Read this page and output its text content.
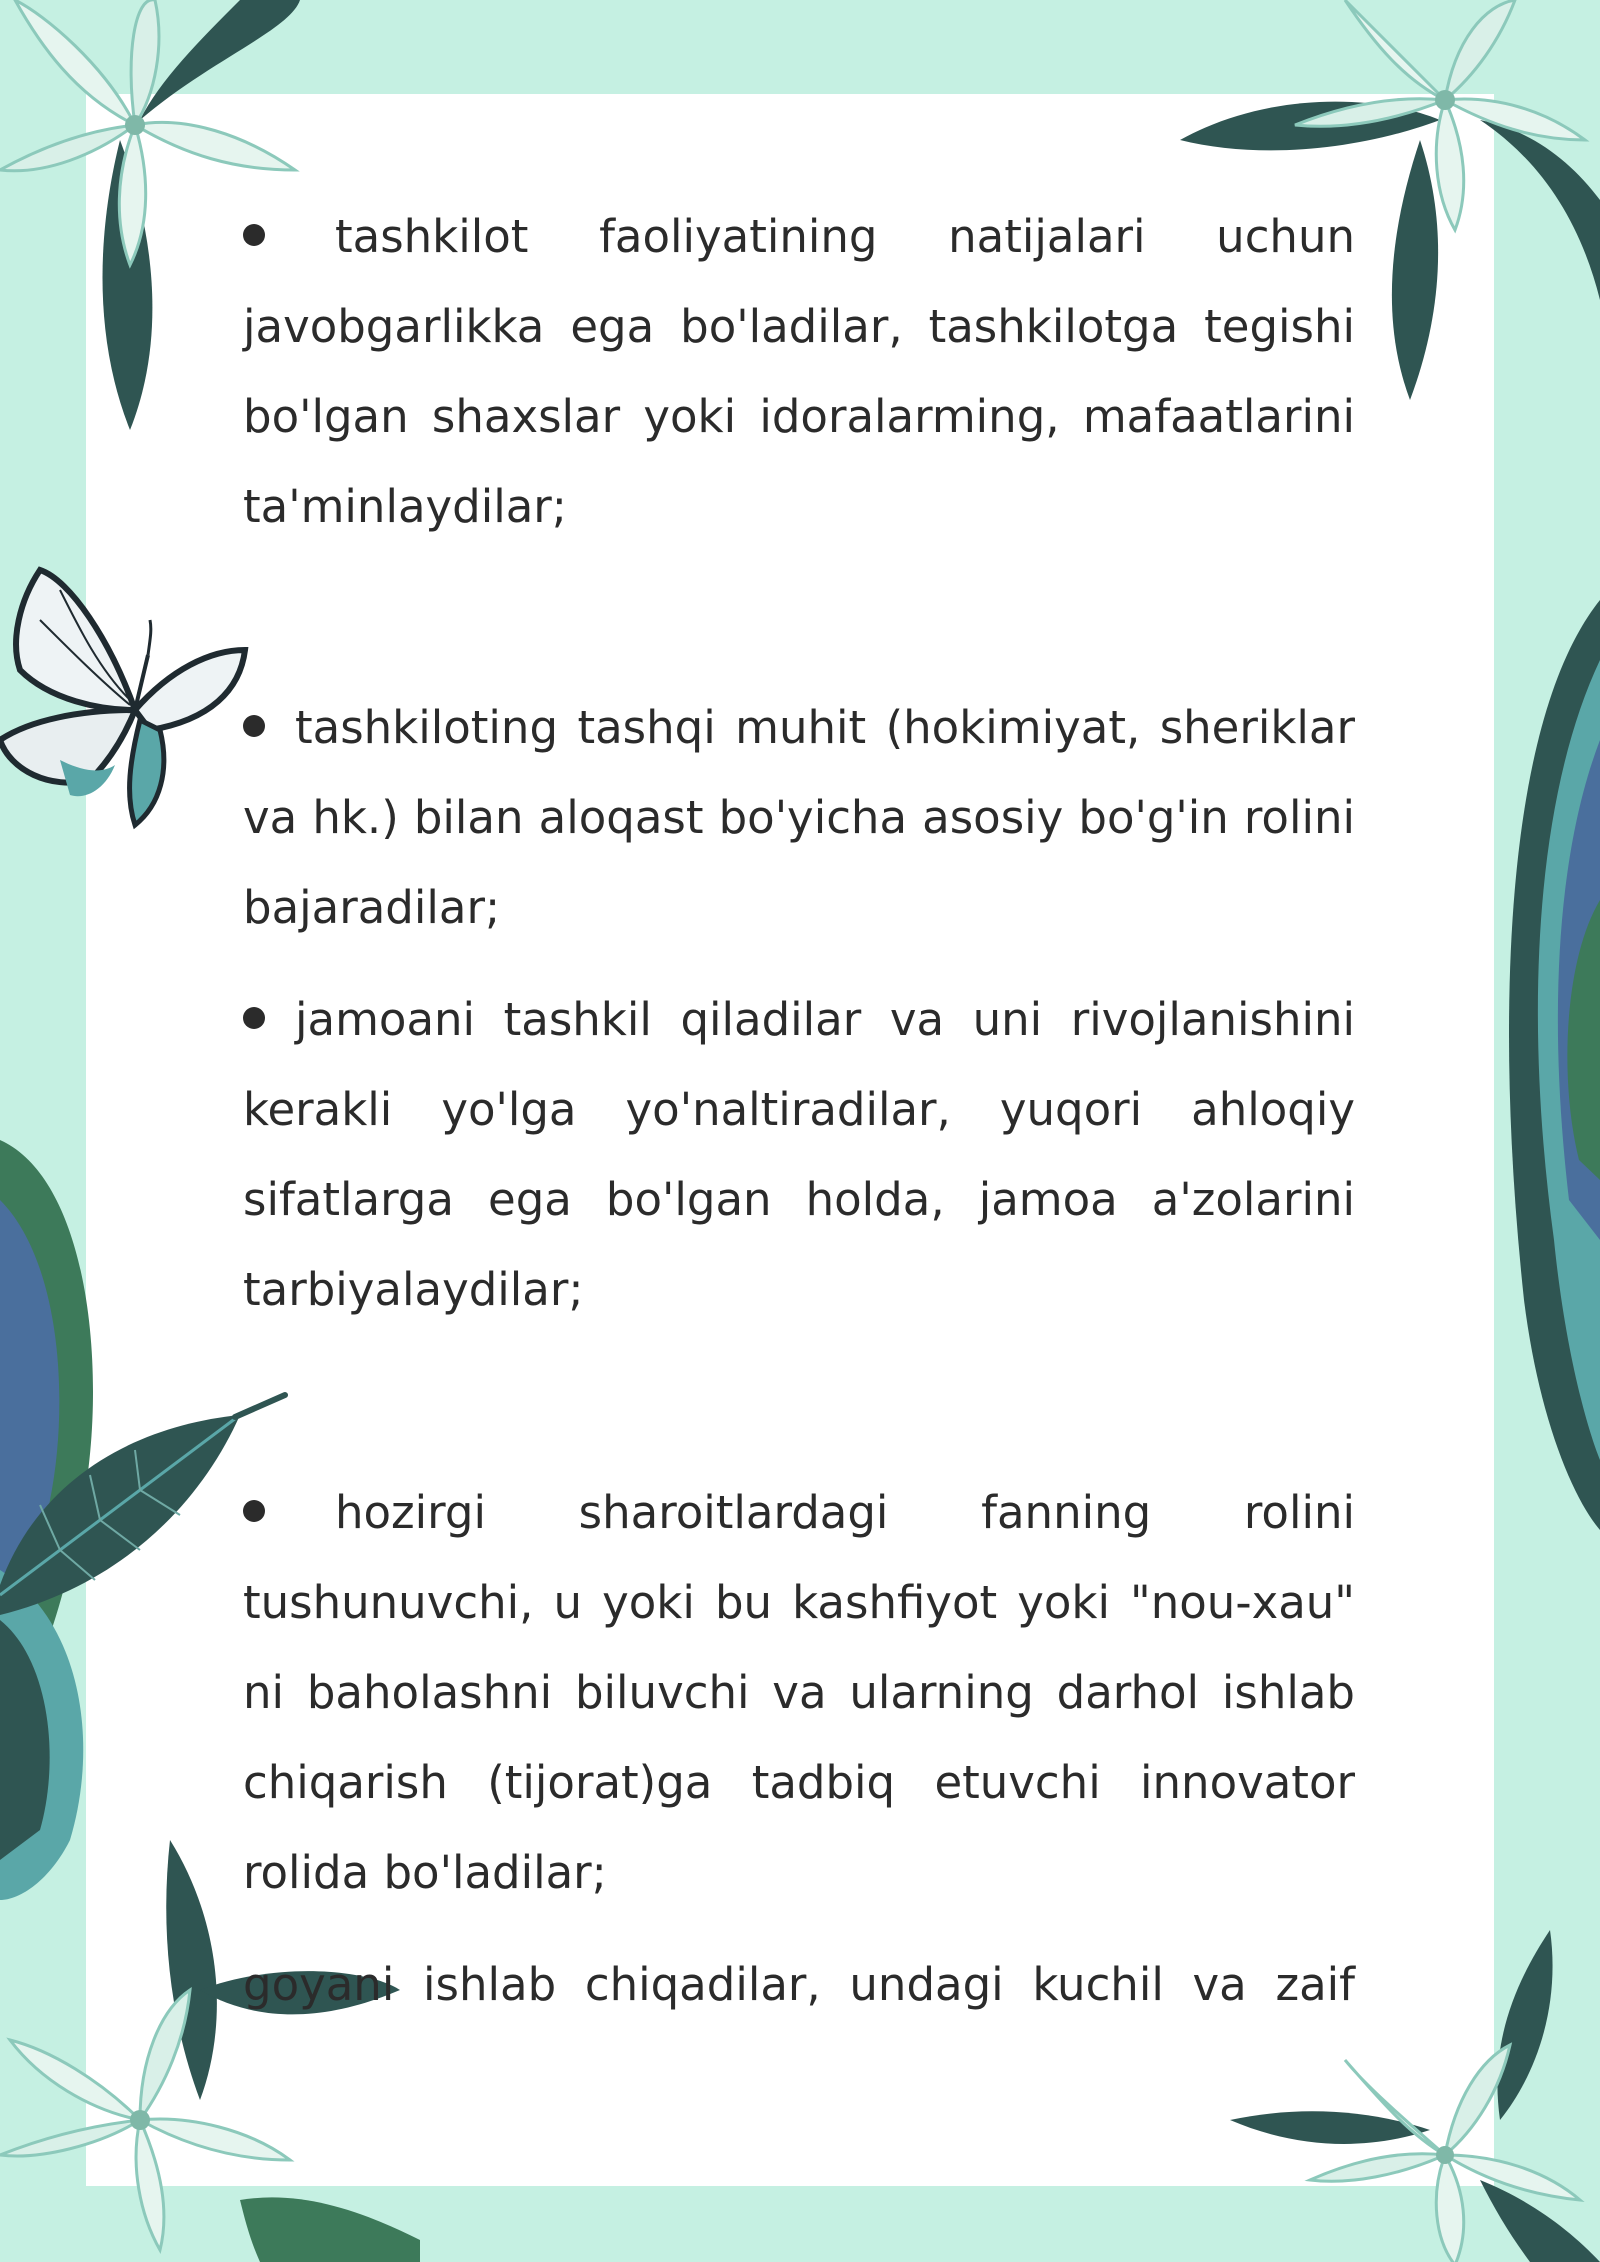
tashkilot faoliyatining natijalari uchun javobgarlikka ega bo'ladilar, tashkilotga tegishi bo'lgan shaxslar yoki idoralarming, mafaatlarini ta'minlaydilar;
tashkiloting tashqi muhit (hokimiyat, sheriklar va hk.) bilan aloqast bo'yicha asosiy bo'g'in rolini bajaradilar;
jamoani tashkil qiladilar va uni rivojlanishini kerakli yo'lga yo'naltiradilar, yuqori ahloqiy sifatlarga ega bo'lgan holda, jamoa a'zolarini tarbiyalaydilar;
hozirgi sharoitlardagi fanning rolini tushunuvchi, u yoki bu kashfiyot yoki "nou-xau" ni baholashni biluvchi va ularning darhol ishlab chiqarish (tijorat)ga tadbiq etuvchi innovator rolida bo'ladilar;
goyani ishlab chiqadilar, undagi kuchil va zaif
